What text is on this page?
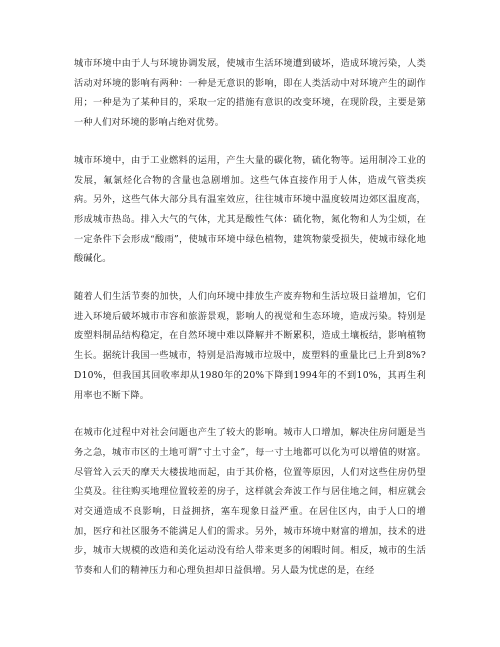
城市环境中由于人与环境协调发展，使城市生活环境遭到破坏，造成环境污染，人类活动对环境的影响有两种：一种是无意识的影响，即在人类活动中对环境产生的副作用；一种是为了某种目的，采取一定的措施有意识的改变环境，在现阶段，主要是第一种人们对环境的影响占绝对优势。

城市环境中，由于工业燃料的运用，产生大量的碳化物，硫化物等。运用制冷工业的发展，氟氯烃化合物的含量也急剧增加。这些气体直接作用于人体，造成气管类疾病。另外，这些气体大部分具有温室效应，往往城市环境中温度较周边郊区温度高，形成城市热岛。排入大气的气体，尤其是酸性气体：硫化物，氮化物和人为尘烦，在一定条件下会形成“酸雨”，使城市环境中绿色植物，建筑物蒙受损失，使城市绿化地酸碱化。

随着人们生活节奏的加快，人们向环境中排放生产废弃物和生活垃圾日益增加，它们进入环境后破坏城市市容和旅游景观，影响人的视觉和生态环境，造成污染。特别是废塑料制品结构稳定，在自然环境中难以降解并不断累积，造成土壤板结，影响植物生长。据统计我国一些城市，特别是沿海城市垃圾中，废塑料的重量比已上升到8%?D10%，但我国其回收率却从1980年的20%下降到1994年的不到10%，其再生利用率也不断下降。

在城市化过程中对社会问题也产生了较大的影响。城市人口增加，解决住房问题是当务之急，城市市区的土地可谓”寸土寸金”，每一寸土地都可以化为可以增值的财富。尽管耸入云天的摩天大楼拔地而起，由于其价格，位置等原因，人们对这些住房仍望尘莫及。往往购买地理位置较差的房子，这样就会奔波工作与居住地之间，相应就会对交通造成不良影响，日益拥挤，塞车现象日益严重。在居住区内，由于人口的增加，医疗和社区服务不能满足人们的需求。另外，城市环境中财富的增加，技术的进步，城市大规模的改造和美化运动没有给人带来更多的闲暇时间。相反，城市的生活节奏和人们的精神压力和心理负担却日益俱增。另人最为忧虑的是，在经
